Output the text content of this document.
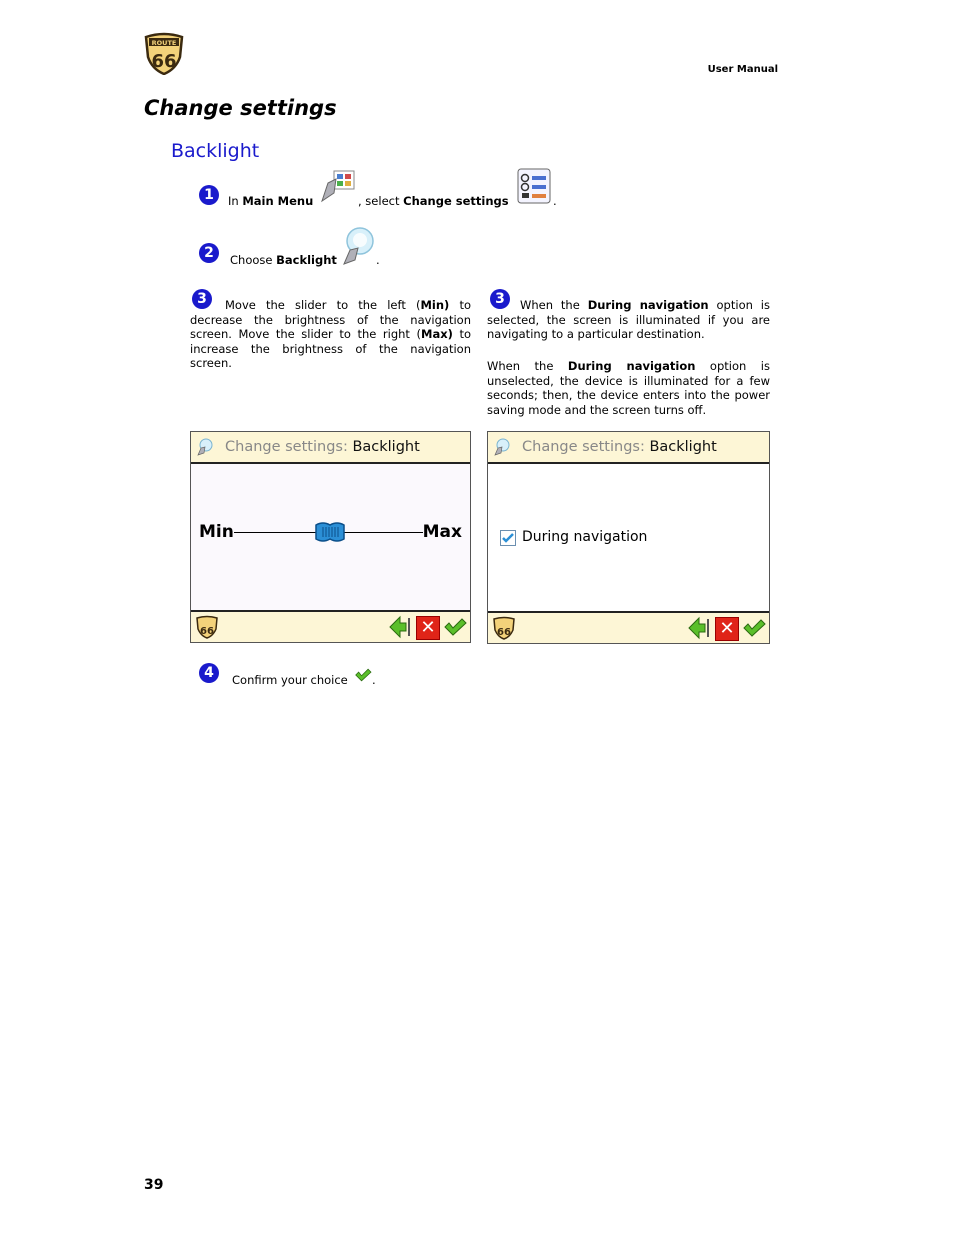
ROUTE
66	User Manual
Change settings
Backlight
1	In Main Menu	, select Change settings	.
2	Choose Backlight	.
3	Move the slider to the left (Min) to decrease the brightness of the navigation screen. Move the slider to the right (Max) to increase the brightness of the navigation screen.
3	When the During navigation option is selected, the screen is illuminated if you are navigating to a particular destination.
When the During navigation option is unselected, the device is illuminated for a few seconds; then, the device enters into the power saving mode and the screen turns off.
Change settings: Backlight
Min	Max
66	✕
Change settings: Backlight
During navigation
66	✕
4	Confirm your choice .
39
